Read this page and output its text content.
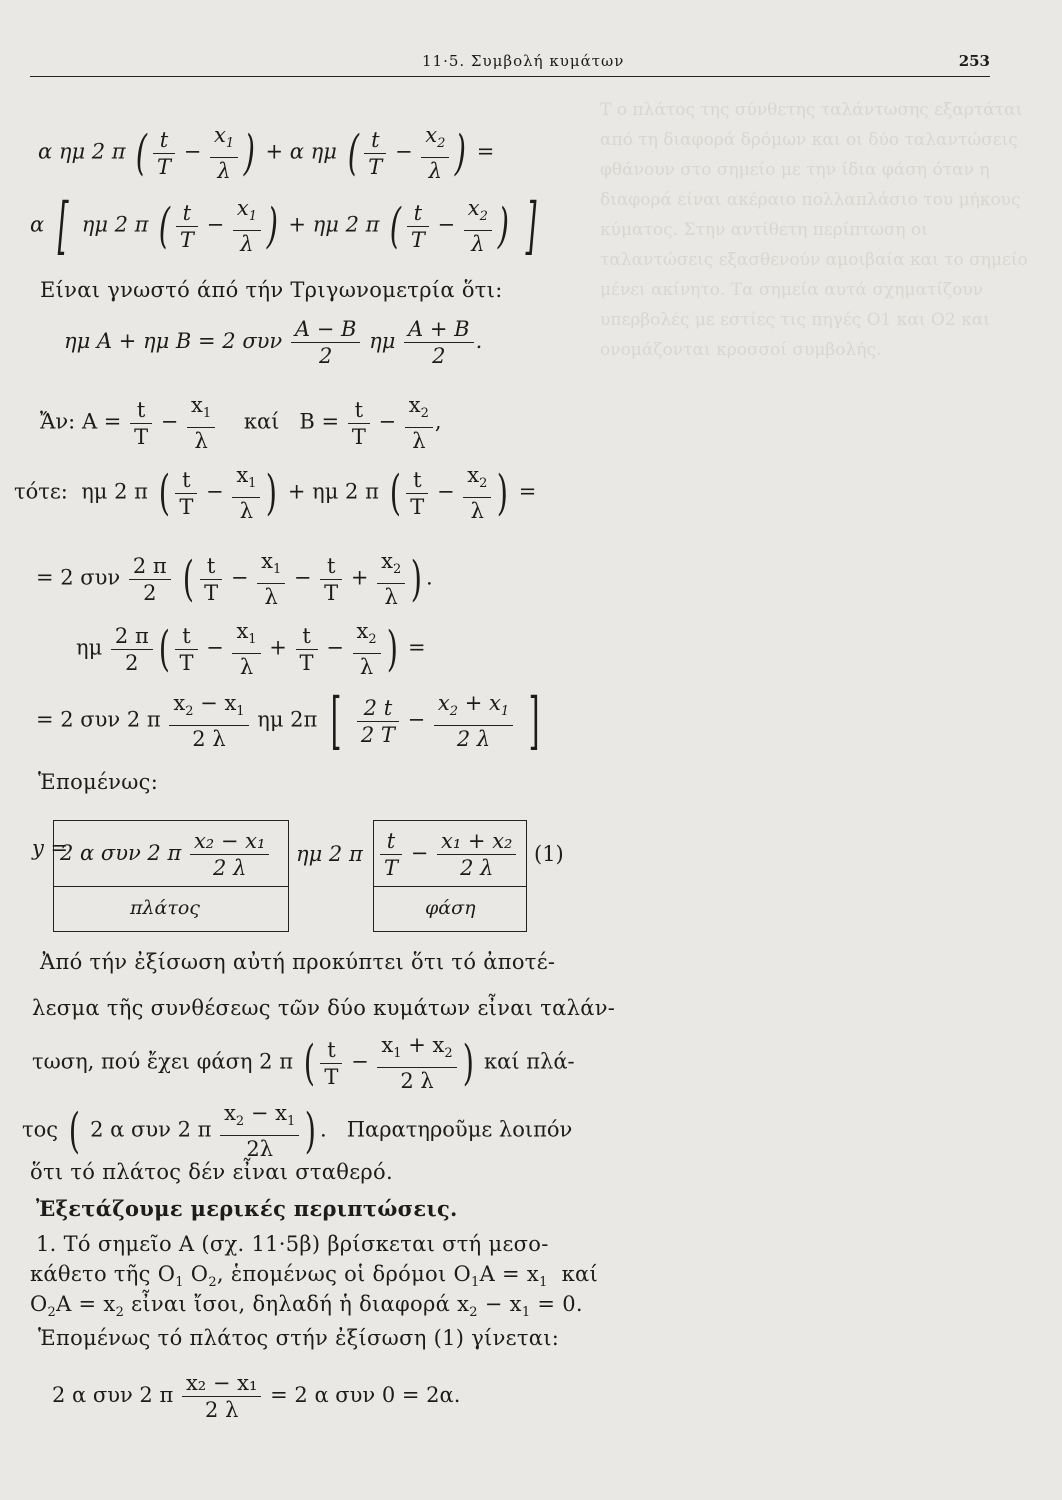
Τ ο πλάτος της σύνθετης ταλάντωσης εξαρτάται από τη διαφορά δρόμων και οι δύο ταλαντώσεις φθάνουν στο σημείο με την ίδια φάση όταν η διαφορά είναι ακέραιο πολλαπλάσιο του μήκους κύματος. Στην αντίθετη περίπτωση οι ταλαντώσεις εξασθενούν αμοιβαία και το σημείο μένει ακίνητο. Τα σημεία αυτά σχηματίζουν υπερβολές με εστίες τις πηγές Ο1 και Ο2 και ονομάζονται κροσσοί συμβολής.
11·5. Συμβολή κυμάτων	253
α ημ 2 π ( $\frac{t}{T} - \frac{x_1}{\lambda}$ ) + α ημ ( $\frac{t}{T} - \frac{x_2}{\lambda}$ ) =
α [ ημ 2 π ( $\frac{t}{T} - \frac{x_1}{\lambda}$ ) + ημ 2 π ( $\frac{t}{T} - \frac{x_2}{\lambda}$ ) ]
Είναι γνωστό άπό τήν Τριγωνομετρία ὅτι:
ημ A + ημ B = 2 συν $\frac{A - B}{2}$ ημ $\frac{A + B}{2}$ .
Ἄν: $A = \frac{t}{T} - \frac{x_1}{\lambda}$ καί   $B = \frac{t}{T} - \frac{x_2}{\lambda}$ ,
τότε:  ημ 2 π ( $\frac{t}{T} - \frac{x_1}{\lambda}$ ) + ημ 2 π ( $\frac{t}{T} - \frac{x_2}{\lambda}$ ) =
= 2 συν $\frac{2 \pi}{2}$ ( $\frac{t}{T} - \frac{x_1}{\lambda} - \frac{t}{T} + \frac{x_2}{\lambda}$ ) .
ημ $\frac{2 \pi}{2}$ ( $\frac{t}{T} - \frac{x_1}{\lambda} + \frac{t}{T} - \frac{x_2}{\lambda}$ ) =
= 2 συν 2 π $\frac{x_2 - x_1}{2 \lambda}$ ημ 2π [ $\frac{2 t}{2 T} - \frac{x_2 + x_1}{2 \lambda}$ ]
Ἑπομένως:
y =
2 α συν 2 π $\frac{\text{x₂ − x₁}}{2 \lambda}$
πλάτος
ημ 2 π $\frac{t}{T} - \frac{\text{x₁ + x₂}}{2 \lambda}$
φάση
(1)
Ἀπό τήν ἐξίσωση αὐτή προκύπτει ὅτι τό ἀποτέ-
λεσμα τῆς συνθέσεως τῶν δύο κυμάτων εἶναι ταλάν-
τωση, πού ἔχει φάση 2 π ( $\frac{t}{T} - \frac{x_1 + x_2}{2 \lambda}$ ) καί πλά-
τος ( 2 α συν 2 π $\frac{x_2 - x_1}{2\lambda}$ ) .   Παρατηροῦμε λοιπόν
ὅτι τό πλάτος δέν εἶναι σταθερό.
Ἐξετάζουμε μερικές περιπτώσεις.
1. Τό σημεῖο Α (σχ. 11·5β) βρίσκεται στή μεσο-
κάθετο τῆς $O_1$ $O_2$, ἑπομένως οἱ δρόμοι $O_1A = x_1$ καί
$O_2A = x_2$ εἶναι ἴσοι, δηλαδή ἡ διαφορά $x_2 - x_1 = 0$.
Ἑπομένως τό πλάτος στήν ἐξίσωση (1) γίνεται:
2 α συν 2 π $\frac{\text{x₂ − x₁}}{2 \lambda} = 2$ α συν 0 = 2α.
